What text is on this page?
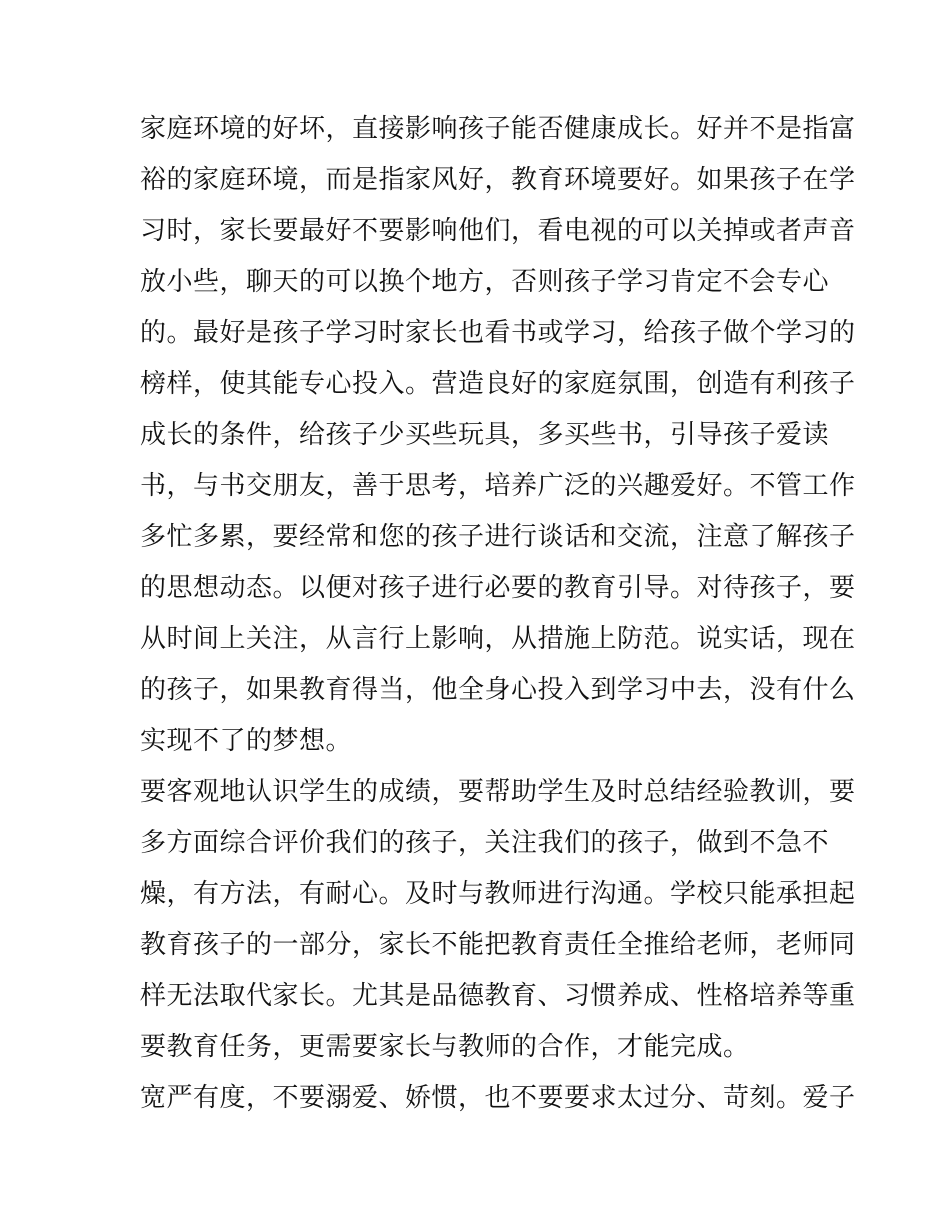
家庭环境的好坏，直接影响孩子能否健康成长。好并不是指富
裕的家庭环境，而是指家风好，教育环境要好。如果孩子在学
习时，家长要最好不要影响他们，看电视的可以关掉或者声音
放小些，聊天的可以换个地方，否则孩子学习肯定不会专心
的。最好是孩子学习时家长也看书或学习，给孩子做个学习的
榜样，使其能专心投入。营造良好的家庭氛围，创造有利孩子
成长的条件，给孩子少买些玩具，多买些书，引导孩子爱读
书，与书交朋友，善于思考，培养广泛的兴趣爱好。不管工作
多忙多累，要经常和您的孩子进行谈话和交流，注意了解孩子
的思想动态。以便对孩子进行必要的教育引导。对待孩子，要
从时间上关注，从言行上影响，从措施上防范。说实话，现在
的孩子，如果教育得当，他全身心投入到学习中去，没有什么
实现不了的梦想。
要客观地认识学生的成绩，要帮助学生及时总结经验教训，要
多方面综合评价我们的孩子，关注我们的孩子，做到不急不
燥，有方法，有耐心。及时与教师进行沟通。学校只能承担起
教育孩子的一部分，家长不能把教育责任全推给老师，老师同
样无法取代家长。尤其是品德教育、习惯养成、性格培养等重
要教育任务，更需要家长与教师的合作，才能完成。
宽严有度，不要溺爱、娇惯，也不要要求太过分、苛刻。爱子
